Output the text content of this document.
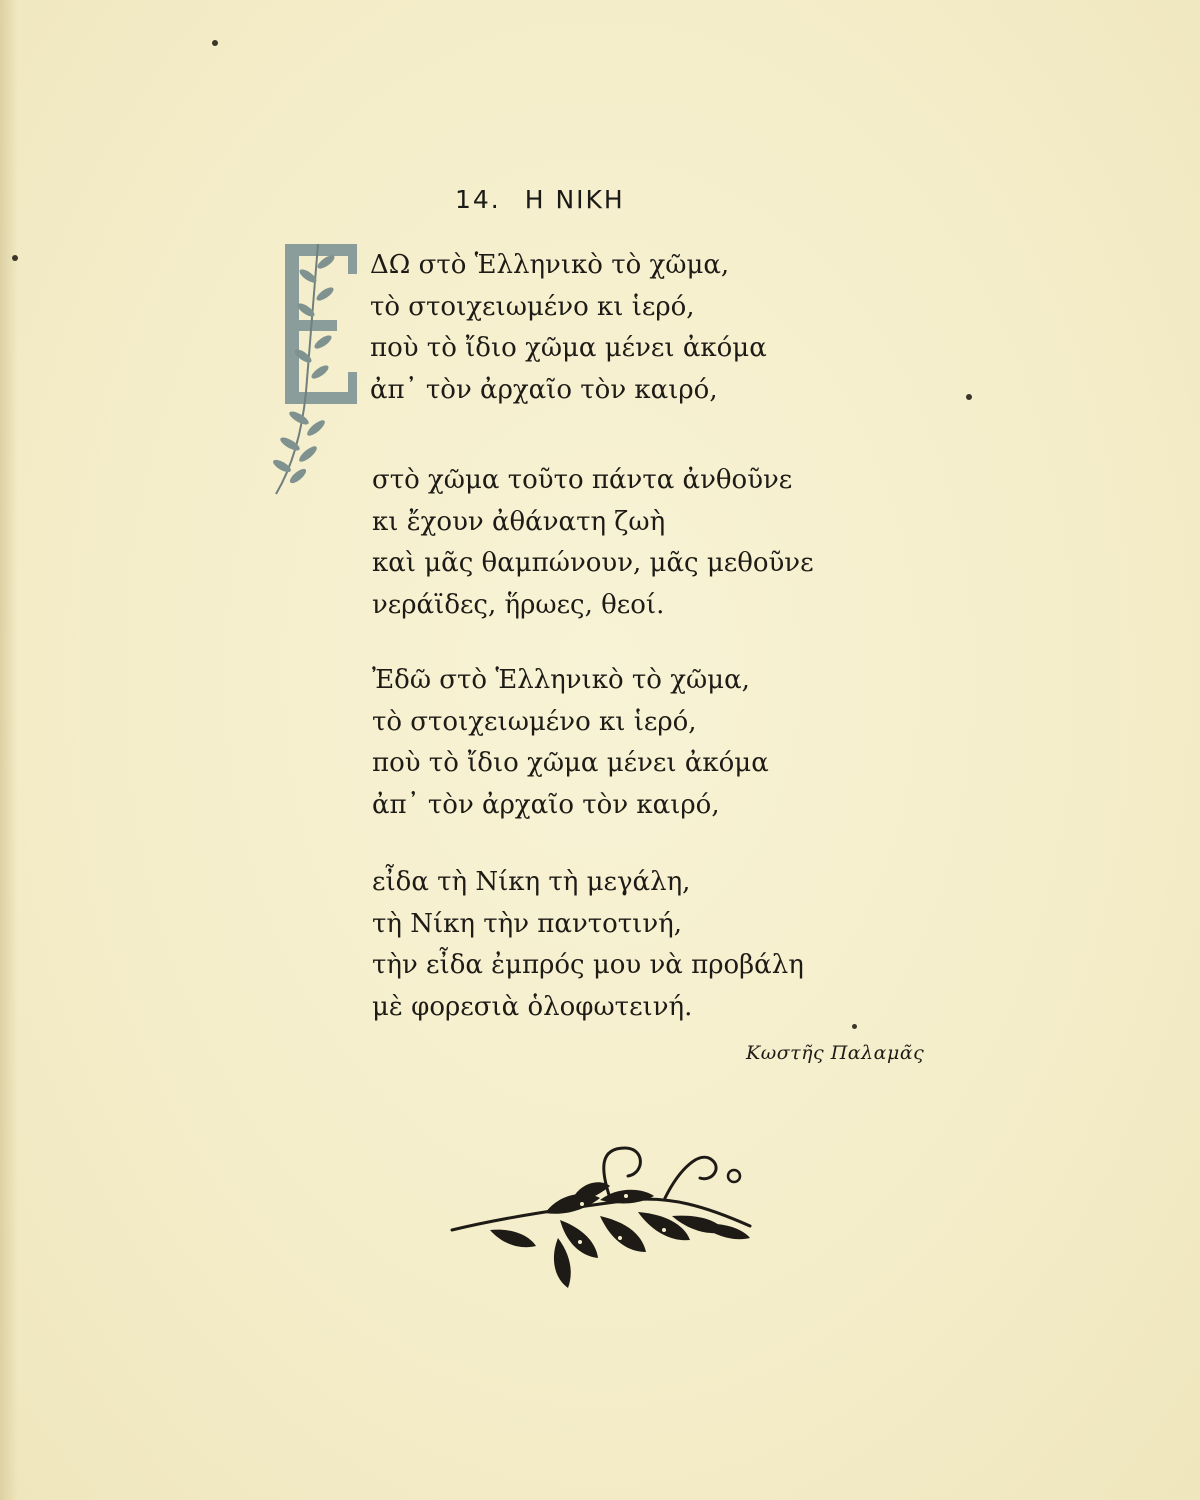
14. Η ΝΙΚΗ
Ε
ΔΩ στὸ Ἑλληνικὸ τὸ χῶμα,
τὸ στοιχειωμένο κι ἱερό,
ποὺ τὸ ἴδιο χῶμα μένει ἀκόμα
ἀπ᾿ τὸν ἀρχαῖο τὸν καιρό,
στὸ χῶμα τοῦτο πάντα ἀνθοῦνε
κι ἔχουν ἀθάνατη ζωὴ
καὶ μᾶς θαμπώνουν, μᾶς μεθοῦνε
νεράϊδες, ἥρωες, θεοί.
Ἐδῶ στὸ Ἑλληνικὸ τὸ χῶμα,
τὸ στοιχειωμένο κι ἱερό,
ποὺ τὸ ἴδιο χῶμα μένει ἀκόμα
ἀπ᾿ τὸν ἀρχαῖο τὸν καιρό,
εἶδα τὴ Νίκη τὴ μεγάλη,
τὴ Νίκη τὴν παντοτινή,
τὴν εἶδα ἐμπρός μου νὰ προβάλη
μὲ φορεσιὰ ὁλοφωτεινή.
Κωστῆς Παλαμᾶς
